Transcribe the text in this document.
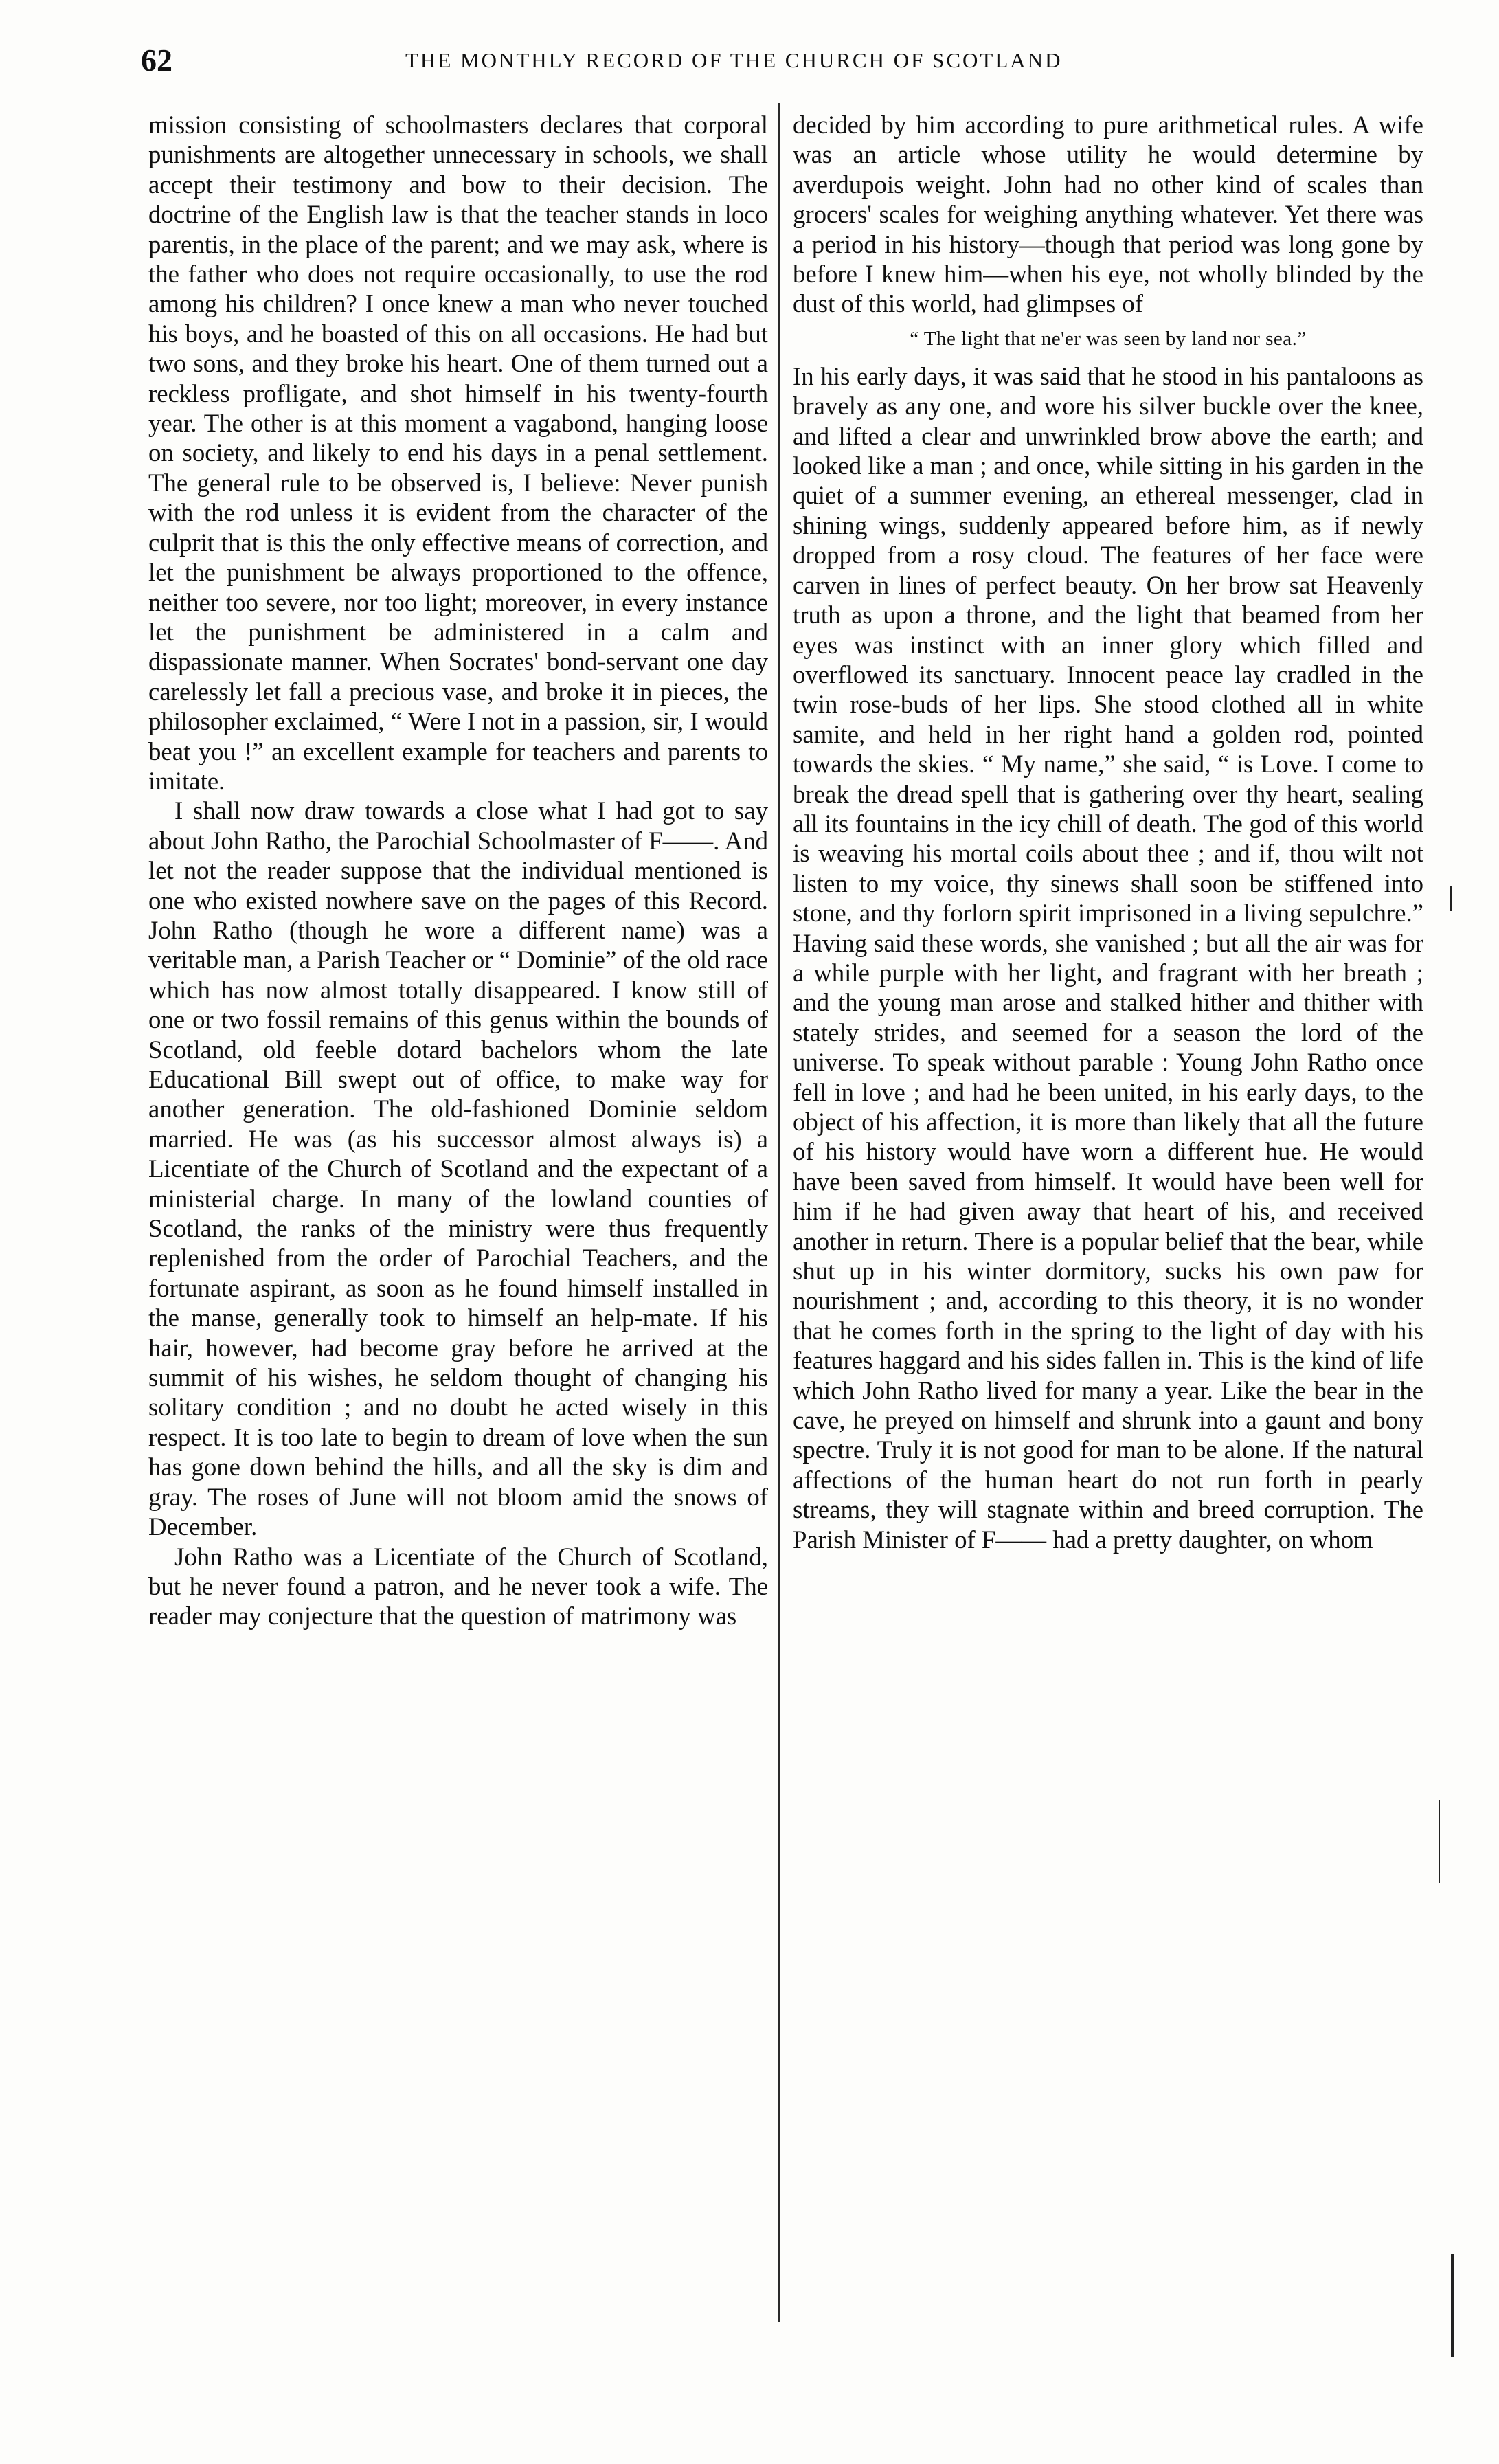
62	THE MONTHLY RECORD OF THE CHURCH OF SCOTLAND

mission consisting of schoolmasters declares that corporal punishments are altogether unnecessary in schools, we shall accept their testimony and bow to their decision. The doctrine of the English law is that the teacher stands in loco parentis, in the place of the parent; and we may ask, where is the father who does not require occasionally, to use the rod among his children? I once knew a man who never touched his boys, and he boasted of this on all occasions. He had but two sons, and they broke his heart. One of them turned out a reckless profligate, and shot himself in his twenty-fourth year. The other is at this moment a vagabond, hanging loose on society, and likely to end his days in a penal settlement. The general rule to be observed is, I believe: Never punish with the rod unless it is evident from the character of the culprit that is this the only effective means of correction, and let the punishment be always proportioned to the offence, neither too severe, nor too light; moreover, in every instance let the punishment be administered in a calm and dispassionate manner. When Socrates' bond-servant one day carelessly let fall a precious vase, and broke it in pieces, the philosopher exclaimed, “ Were I not in a passion, sir, I would beat you !” an excellent example for teachers and parents to imitate.

I shall now draw towards a close what I had got to say about John Ratho, the Parochial Schoolmaster of F——. And let not the reader suppose that the individual mentioned is one who existed nowhere save on the pages of this Record. John Ratho (though he wore a different name) was a veritable man, a Parish Teacher or “ Dominie” of the old race which has now almost totally disappeared. I know still of one or two fossil remains of this genus within the bounds of Scotland, old feeble dotard bachelors whom the late Educational Bill swept out of office, to make way for another generation. The old-fashioned Dominie seldom married. He was (as his successor almost always is) a Licentiate of the Church of Scotland and the expectant of a ministerial charge. In many of the lowland counties of Scotland, the ranks of the ministry were thus frequently replenished from the order of Parochial Teachers, and the fortunate aspirant, as soon as he found himself installed in the manse, generally took to himself an help-mate. If his hair, however, had become gray before he arrived at the summit of his wishes, he seldom thought of changing his solitary condition ; and no doubt he acted wisely in this respect. It is too late to begin to dream of love when the sun has gone down behind the hills, and all the sky is dim and gray. The roses of June will not bloom amid the snows of December.

John Ratho was a Licentiate of the Church of Scotland, but he never found a patron, and he never took a wife. The reader may conjecture that the question of matrimony was

decided by him according to pure arithmetical rules. A wife was an article whose utility he would determine by averdupois weight. John had no other kind of scales than grocers' scales for weighing anything whatever. Yet there was a period in his history—though that period was long gone by before I knew him—when his eye, not wholly blinded by the dust of this world, had glimpses of

“ The light that ne'er was seen by land nor sea.”

In his early days, it was said that he stood in his pantaloons as bravely as any one, and wore his silver buckle over the knee, and lifted a clear and unwrinkled brow above the earth; and looked like a man ; and once, while sitting in his garden in the quiet of a summer evening, an ethereal messenger, clad in shining wings, suddenly appeared before him, as if newly dropped from a rosy cloud. The features of her face were carven in lines of perfect beauty. On her brow sat Heavenly truth as upon a throne, and the light that beamed from her eyes was instinct with an inner glory which filled and overflowed its sanctuary. Innocent peace lay cradled in the twin rose-buds of her lips. She stood clothed all in white samite, and held in her right hand a golden rod, pointed towards the skies. “ My name,” she said, “ is Love. I come to break the dread spell that is gathering over thy heart, sealing all its fountains in the icy chill of death. The god of this world is weaving his mortal coils about thee ; and if, thou wilt not listen to my voice, thy sinews shall soon be stiffened into stone, and thy forlorn spirit imprisoned in a living sepulchre.” Having said these words, she vanished ; but all the air was for a while purple with her light, and fragrant with her breath ; and the young man arose and stalked hither and thither with stately strides, and seemed for a season the lord of the universe. To speak without parable : Young John Ratho once fell in love ; and had he been united, in his early days, to the object of his affection, it is more than likely that all the future of his history would have worn a different hue. He would have been saved from himself. It would have been well for him if he had given away that heart of his, and received another in return. There is a popular belief that the bear, while shut up in his winter dormitory, sucks his own paw for nourishment ; and, according to this theory, it is no wonder that he comes forth in the spring to the light of day with his features haggard and his sides fallen in. This is the kind of life which John Ratho lived for many a year. Like the bear in the cave, he preyed on himself and shrunk into a gaunt and bony spectre. Truly it is not good for man to be alone. If the natural affections of the human heart do not run forth in pearly streams, they will stagnate within and breed corruption. The Parish Minister of F—— had a pretty daughter, on whom
